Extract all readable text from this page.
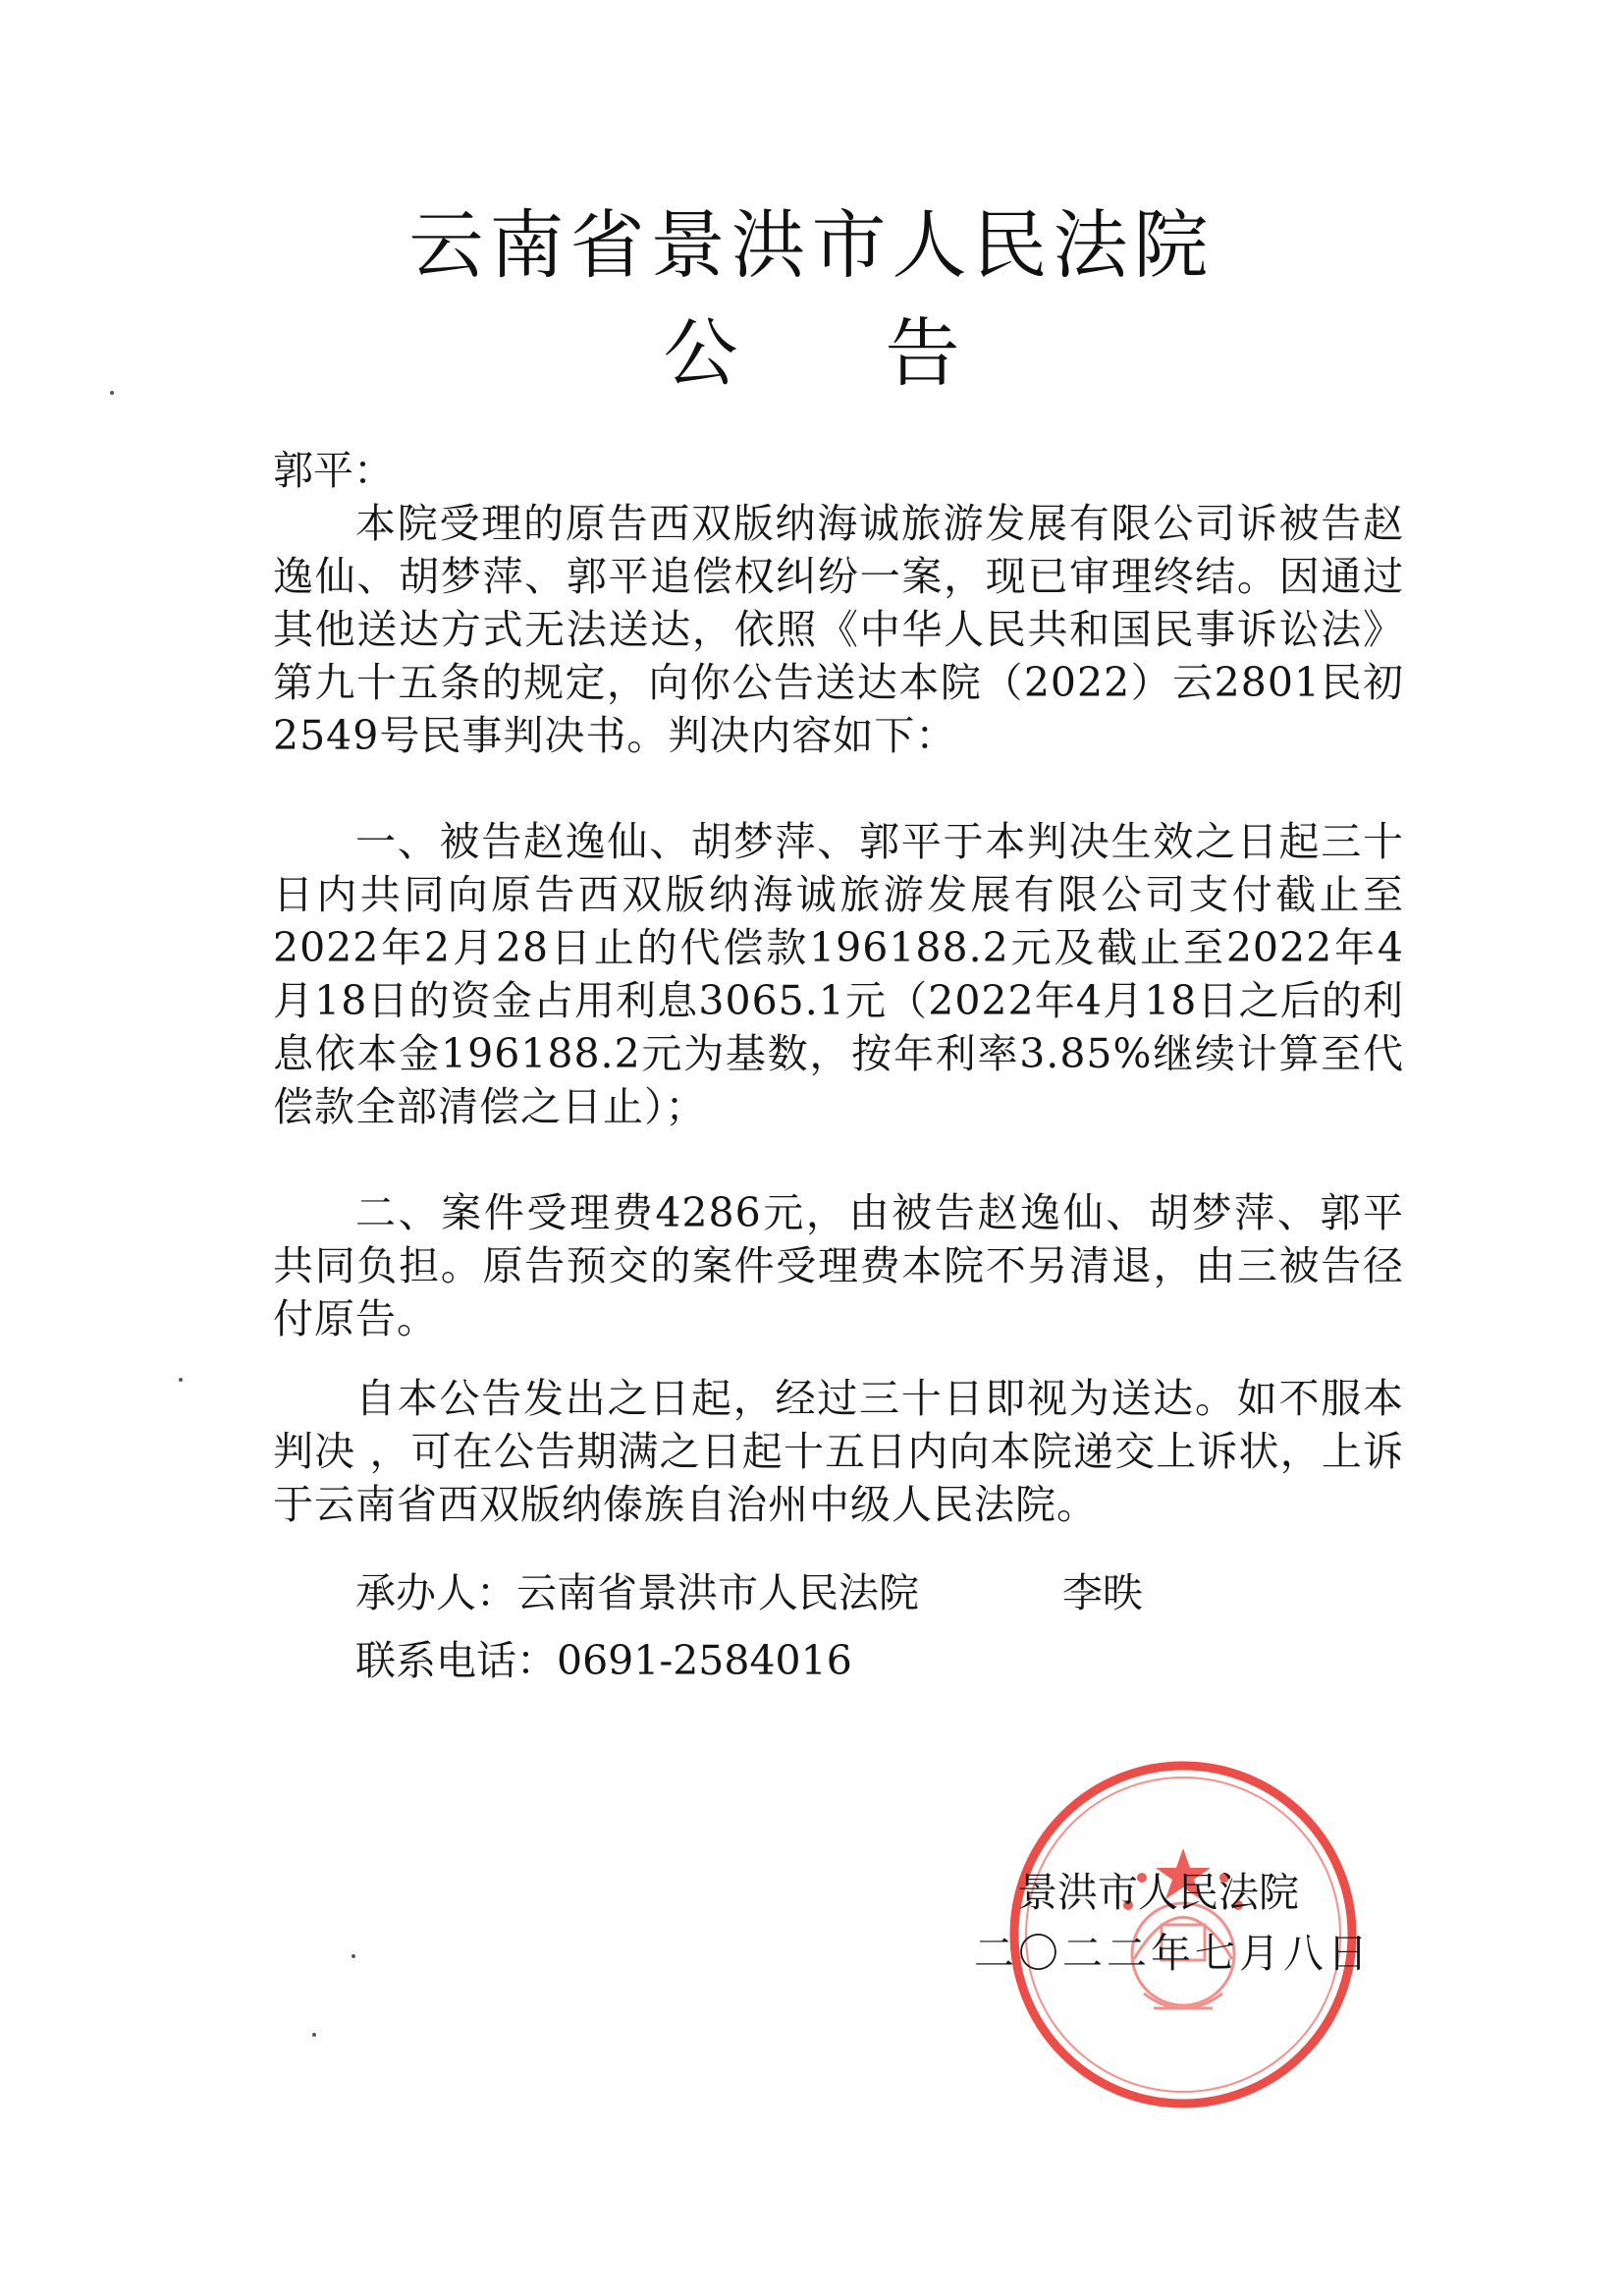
云南省景洪市人民法院
公告
郭平：
本院受理的原告西双版纳海诚旅游发展有限公司诉被告赵逸仙、胡梦萍、郭平追偿权纠纷一案，现已审理终结。因通过其他送达方式无法送达，依照《中华人民共和国民事诉讼法》第九十五条的规定，向你公告送达本院（2022）云2801民初2549号民事判决书。判决内容如下：
一、被告赵逸仙、胡梦萍、郭平于本判决生效之日起三十日内共同向原告西双版纳海诚旅游发展有限公司支付截止至2022年2月28日止的代偿款196188.2元及截止至2022年4月18日的资金占用利息3065.1元（2022年4月18日之后的利息依本金196188.2元为基数，按年利率3.85%继续计算至代偿款全部清偿之日止）；
二、案件受理费4286元，由被告赵逸仙、胡梦萍、郭平共同负担。原告预交的案件受理费本院不另清退，由三被告径付原告。
自本公告发出之日起，经过三十日即视为送达。如不服本判决 ，可在公告期满之日起十五日内向本院递交上诉状，上诉于云南省西双版纳傣族自治州中级人民法院。
承办人：云南省景洪市人民法院	李昳
联系电话：0691-2584016
景洪市人民法院
二〇二二年七月八日
